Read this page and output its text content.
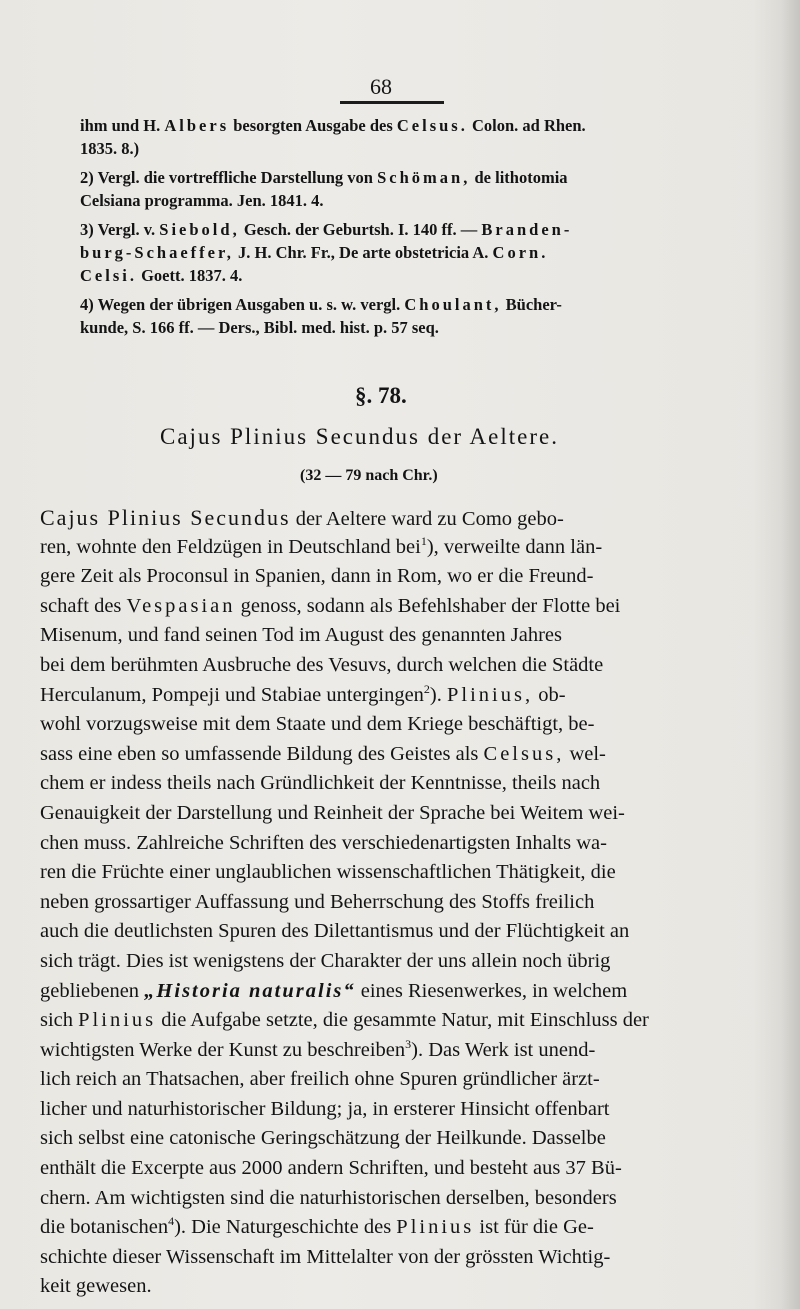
68
ihm und H. Albers besorgten Ausgabe des Celsus. Colon. ad Rhen.
1835. 8.)
2) Vergl. die vortreffliche Darstellung von Schöman, de lithotomia
Celsiana programma. Jen. 1841. 4.
3) Vergl. v. Siebold, Gesch. der Geburtsh. I. 140 ff. — Branden-
burg-Schaeffer, J. H. Chr. Fr., De arte obstetricia A. Corn.
Celsi. Goett. 1837. 4.
4) Wegen der übrigen Ausgaben u. s. w. vergl. Choulant, Bücher-
kunde, S. 166 ff. — Ders., Bibl. med. hist. p. 57 seq.
§. 78.
Cajus Plinius Secundus der Aeltere.
(32 — 79 nach Chr.)
Cajus Plinius Secundus der Aeltere ward zu Como gebo-
ren, wohnte den Feldzügen in Deutschland bei$^1$), verweilte dann län-
gere Zeit als Proconsul in Spanien, dann in Rom, wo er die Freund-
schaft des Vespasian genoss, sodann als Befehlshaber der Flotte bei
Misenum, und fand seinen Tod im August des genannten Jahres
bei dem berühmten Ausbruche des Vesuvs, durch welchen die Städte
Herculanum, Pompeji und Stabiae untergingen$^2$). Plinius, ob-
wohl vorzugsweise mit dem Staate und dem Kriege beschäftigt, be-
sass eine eben so umfassende Bildung des Geistes als Celsus, wel-
chem er indess theils nach Gründlichkeit der Kenntnisse, theils nach
Genauigkeit der Darstellung und Reinheit der Sprache bei Weitem wei-
chen muss. Zahlreiche Schriften des verschiedenartigsten Inhalts wa-
ren die Früchte einer unglaublichen wissenschaftlichen Thätigkeit, die
neben grossartiger Auffassung und Beherrschung des Stoffs freilich
auch die deutlichsten Spuren des Dilettantismus und der Flüchtigkeit an
sich trägt. Dies ist wenigstens der Charakter der uns allein noch übrig
gebliebenen „Historia naturalis“ eines Riesenwerkes, in welchem
sich Plinius die Aufgabe setzte, die gesammte Natur, mit Einschluss der
wichtigsten Werke der Kunst zu beschreiben$^3$). Das Werk ist unend-
lich reich an Thatsachen, aber freilich ohne Spuren gründlicher ärzt-
licher und naturhistorischer Bildung; ja, in ersterer Hinsicht offenbart
sich selbst eine catonische Geringschätzung der Heilkunde. Dasselbe
enthält die Excerpte aus 2000 andern Schriften, und besteht aus 37 Bü-
chern. Am wichtigsten sind die naturhistorischen derselben, besonders
die botanischen$^4$). Die Naturgeschichte des Plinius ist für die Ge-
schichte dieser Wissenschaft im Mittelalter von der grössten Wichtig-
keit gewesen.
